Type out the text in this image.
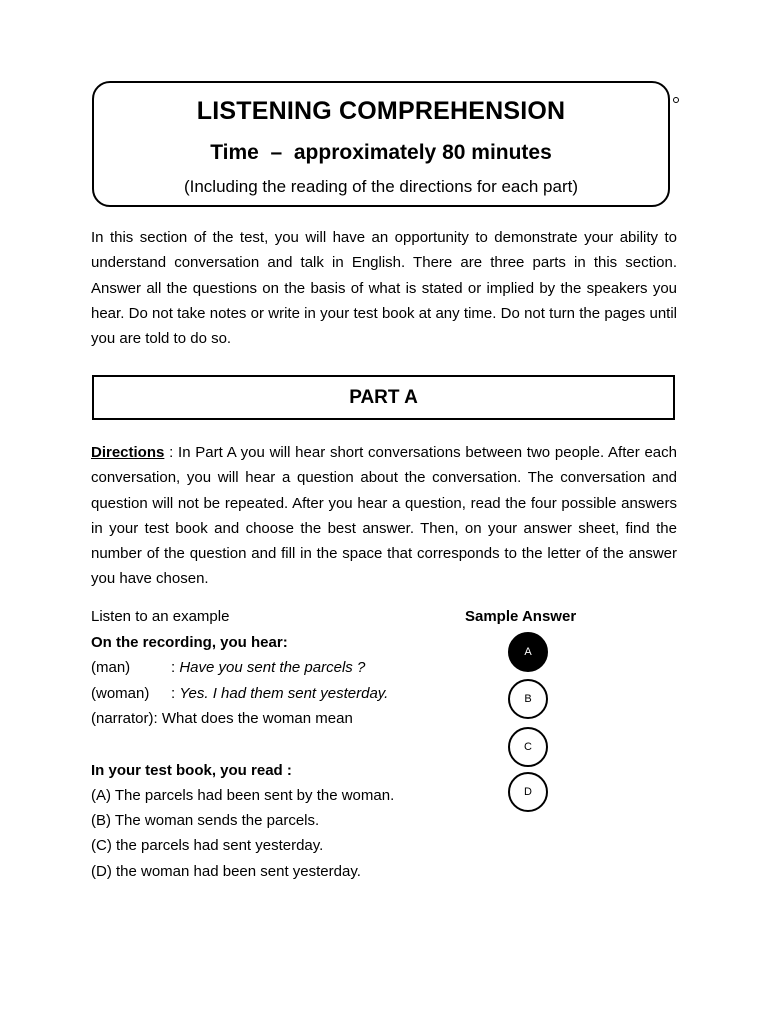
LISTENING COMPREHENSION
Time  –  approximately 80 minutes
(Including the reading of the directions for each part)

In this section of the test, you will have an opportunity to demonstrate your ability to understand conversation and talk in English. There are three parts in this section. Answer all the questions on the basis of what is stated or implied by the speakers you hear. Do not take notes or write in your test book at any time. Do not turn the pages until you are told to do so.

PART A

Directions : In Part A you will hear short conversations between two people. After each conversation, you will hear a question about the conversation. The conversation and question will not be repeated. After you hear a question, read the four possible answers in your test book and choose the best answer. Then, on your answer sheet, find the number of the question and fill in the space that corresponds to the letter of the answer you have chosen.

Listen to an example
On the recording, you hear:
(man)	: Have you sent the parcels ?
(woman) : Yes. I had them sent yesterday.
(narrator): What does the woman mean
In your test book, you read :
(A) The parcels had been sent by the woman.
(B) The woman sends the parcels.
(C) the parcels had sent yesterday.
(D) the woman had been sent yesterday.
Sample Answer
A
B
C
D
